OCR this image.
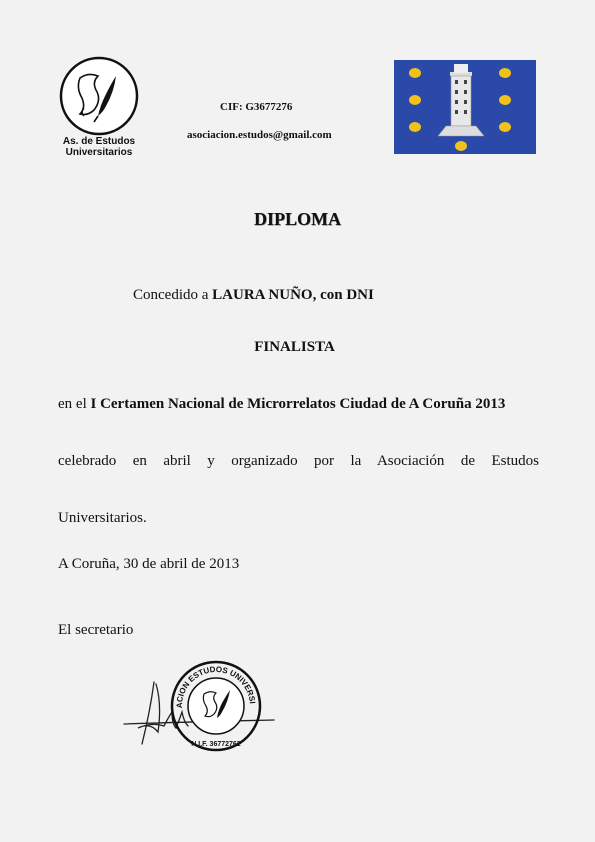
As. de Estudos
Universitarios
CIF: G3677276
asociacion.estudos@gmail.com
DIPLOMA
Concedido a LAURA NUÑO, con DNI
FINALISTA
en el I Certamen Nacional de Microrrelatos Ciudad de A Coruña 2013
celebrado en abril y organizado por la Asociación de Estudos
Universitarios.
A Coruña, 30 de abril de 2013
El secretario
ACION ESTUDOS UNIVERSI
N.I.F. 36772762
